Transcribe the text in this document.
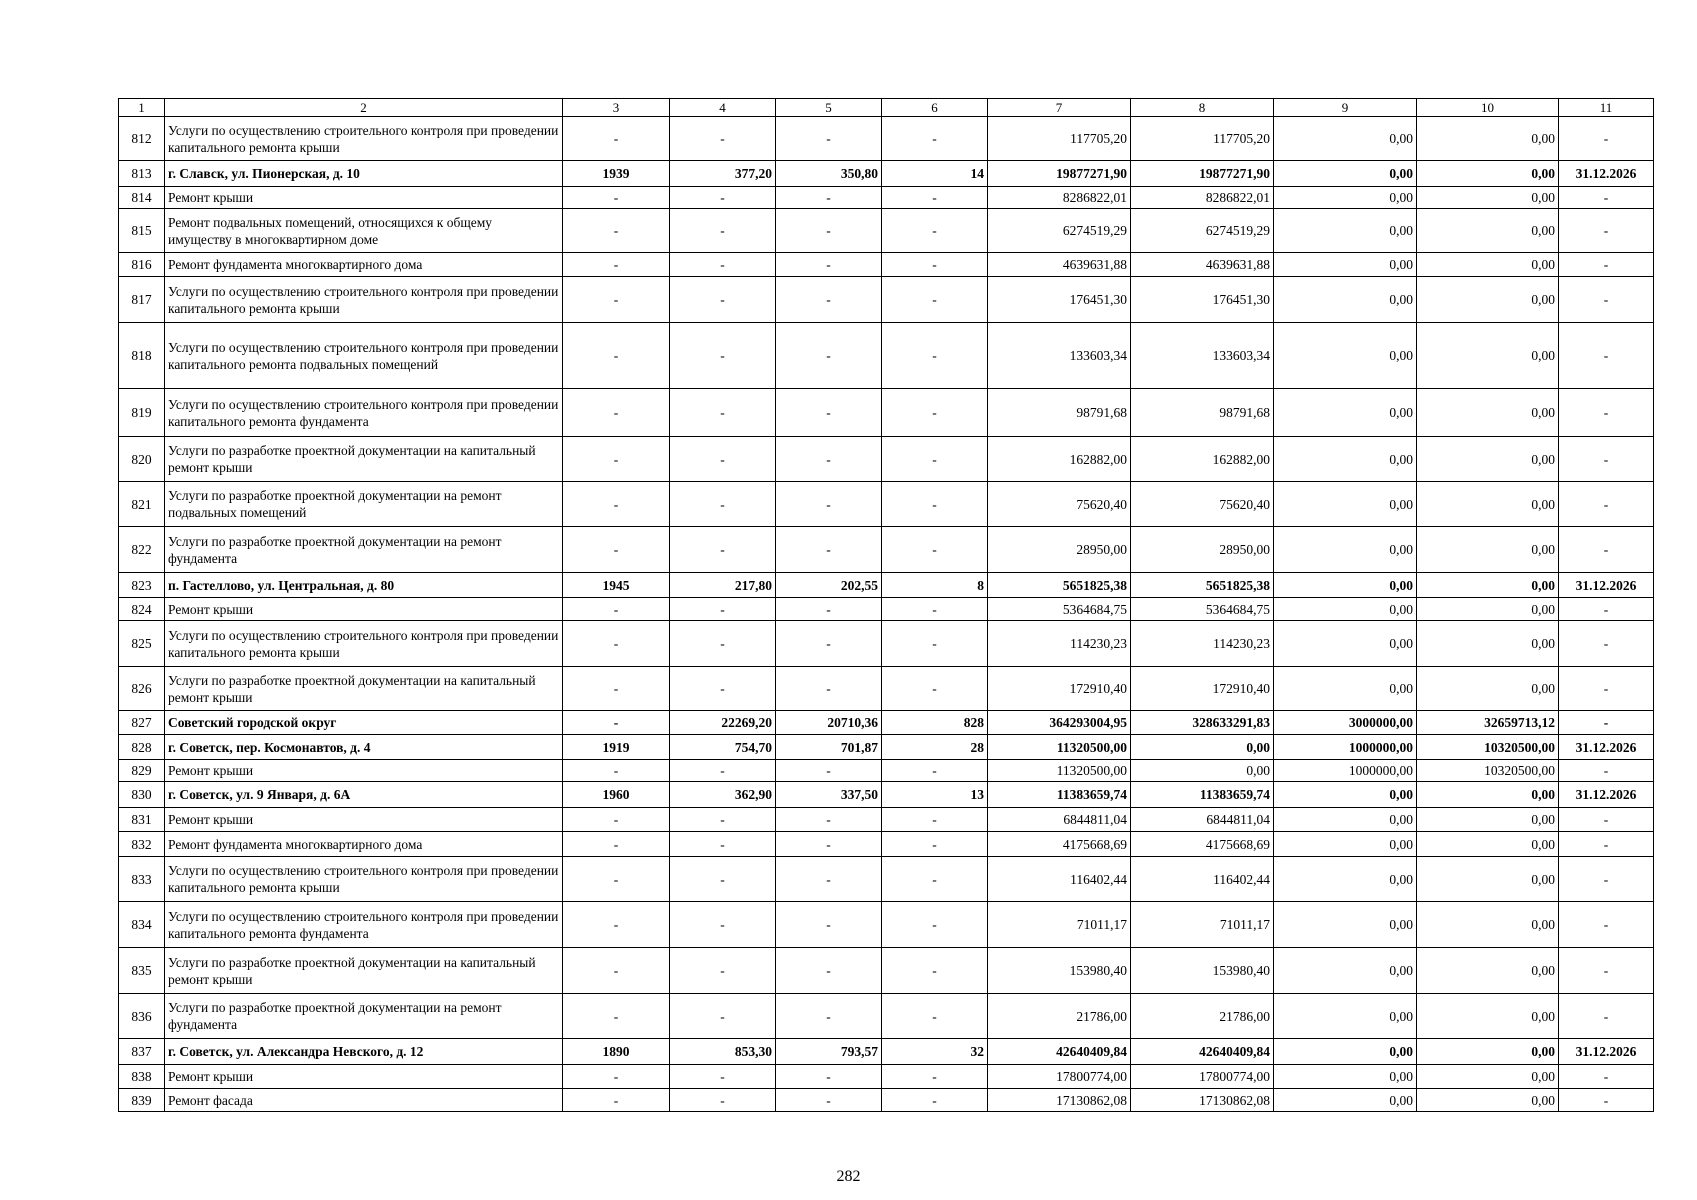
1	2	3	4	5	6	7	8	9	10	11
812	Услуги по осуществлению строительного контроля при проведении капитального ремонта крыши	-	-	-	-	117705,20	117705,20	0,00	0,00	-
813	г. Славск, ул. Пионерская, д. 10	1939	377,20	350,80	14	19877271,90	19877271,90	0,00	0,00	31.12.2026
814	Ремонт крыши	-	-	-	-	8286822,01	8286822,01	0,00	0,00	-
815	Ремонт подвальных помещений, относящихся к общему имуществу в многоквартирном доме	-	-	-	-	6274519,29	6274519,29	0,00	0,00	-
816	Ремонт фундамента многоквартирного дома	-	-	-	-	4639631,88	4639631,88	0,00	0,00	-
817	Услуги по осуществлению строительного контроля при проведении капитального ремонта крыши	-	-	-	-	176451,30	176451,30	0,00	0,00	-
818	Услуги по осуществлению строительного контроля при проведении капитального ремонта подвальных помещений	-	-	-	-	133603,34	133603,34	0,00	0,00	-
819	Услуги по осуществлению строительного контроля при проведении капитального ремонта фундамента	-	-	-	-	98791,68	98791,68	0,00	0,00	-
820	Услуги по разработке проектной документации на капитальный ремонт крыши	-	-	-	-	162882,00	162882,00	0,00	0,00	-
821	Услуги по разработке проектной документации на ремонт подвальных помещений	-	-	-	-	75620,40	75620,40	0,00	0,00	-
822	Услуги по разработке проектной документации на ремонт фундамента	-	-	-	-	28950,00	28950,00	0,00	0,00	-
823	п. Гастеллово, ул. Центральная, д. 80	1945	217,80	202,55	8	5651825,38	5651825,38	0,00	0,00	31.12.2026
824	Ремонт крыши	-	-	-	-	5364684,75	5364684,75	0,00	0,00	-
825	Услуги по осуществлению строительного контроля при проведении капитального ремонта крыши	-	-	-	-	114230,23	114230,23	0,00	0,00	-
826	Услуги по разработке проектной документации на капитальный ремонт крыши	-	-	-	-	172910,40	172910,40	0,00	0,00	-
827	Советский городской округ	-	22269,20	20710,36	828	364293004,95	328633291,83	3000000,00	32659713,12	-
828	г. Советск, пер. Космонавтов, д. 4	1919	754,70	701,87	28	11320500,00	0,00	1000000,00	10320500,00	31.12.2026
829	Ремонт крыши	-	-	-	-	11320500,00	0,00	1000000,00	10320500,00	-
830	г. Советск, ул. 9 Января, д. 6А	1960	362,90	337,50	13	11383659,74	11383659,74	0,00	0,00	31.12.2026
831	Ремонт крыши	-	-	-	-	6844811,04	6844811,04	0,00	0,00	-
832	Ремонт фундамента многоквартирного дома	-	-	-	-	4175668,69	4175668,69	0,00	0,00	-
833	Услуги по осуществлению строительного контроля при проведении капитального ремонта крыши	-	-	-	-	116402,44	116402,44	0,00	0,00	-
834	Услуги по осуществлению строительного контроля при проведении капитального ремонта фундамента	-	-	-	-	71011,17	71011,17	0,00	0,00	-
835	Услуги по разработке проектной документации на капитальный ремонт крыши	-	-	-	-	153980,40	153980,40	0,00	0,00	-
836	Услуги по разработке проектной документации на ремонт фундамента	-	-	-	-	21786,00	21786,00	0,00	0,00	-
837	г. Советск, ул. Александра Невского, д. 12	1890	853,30	793,57	32	42640409,84	42640409,84	0,00	0,00	31.12.2026
838	Ремонт крыши	-	-	-	-	17800774,00	17800774,00	0,00	0,00	-
839	Ремонт фасада	-	-	-	-	17130862,08	17130862,08	0,00	0,00	-
282
